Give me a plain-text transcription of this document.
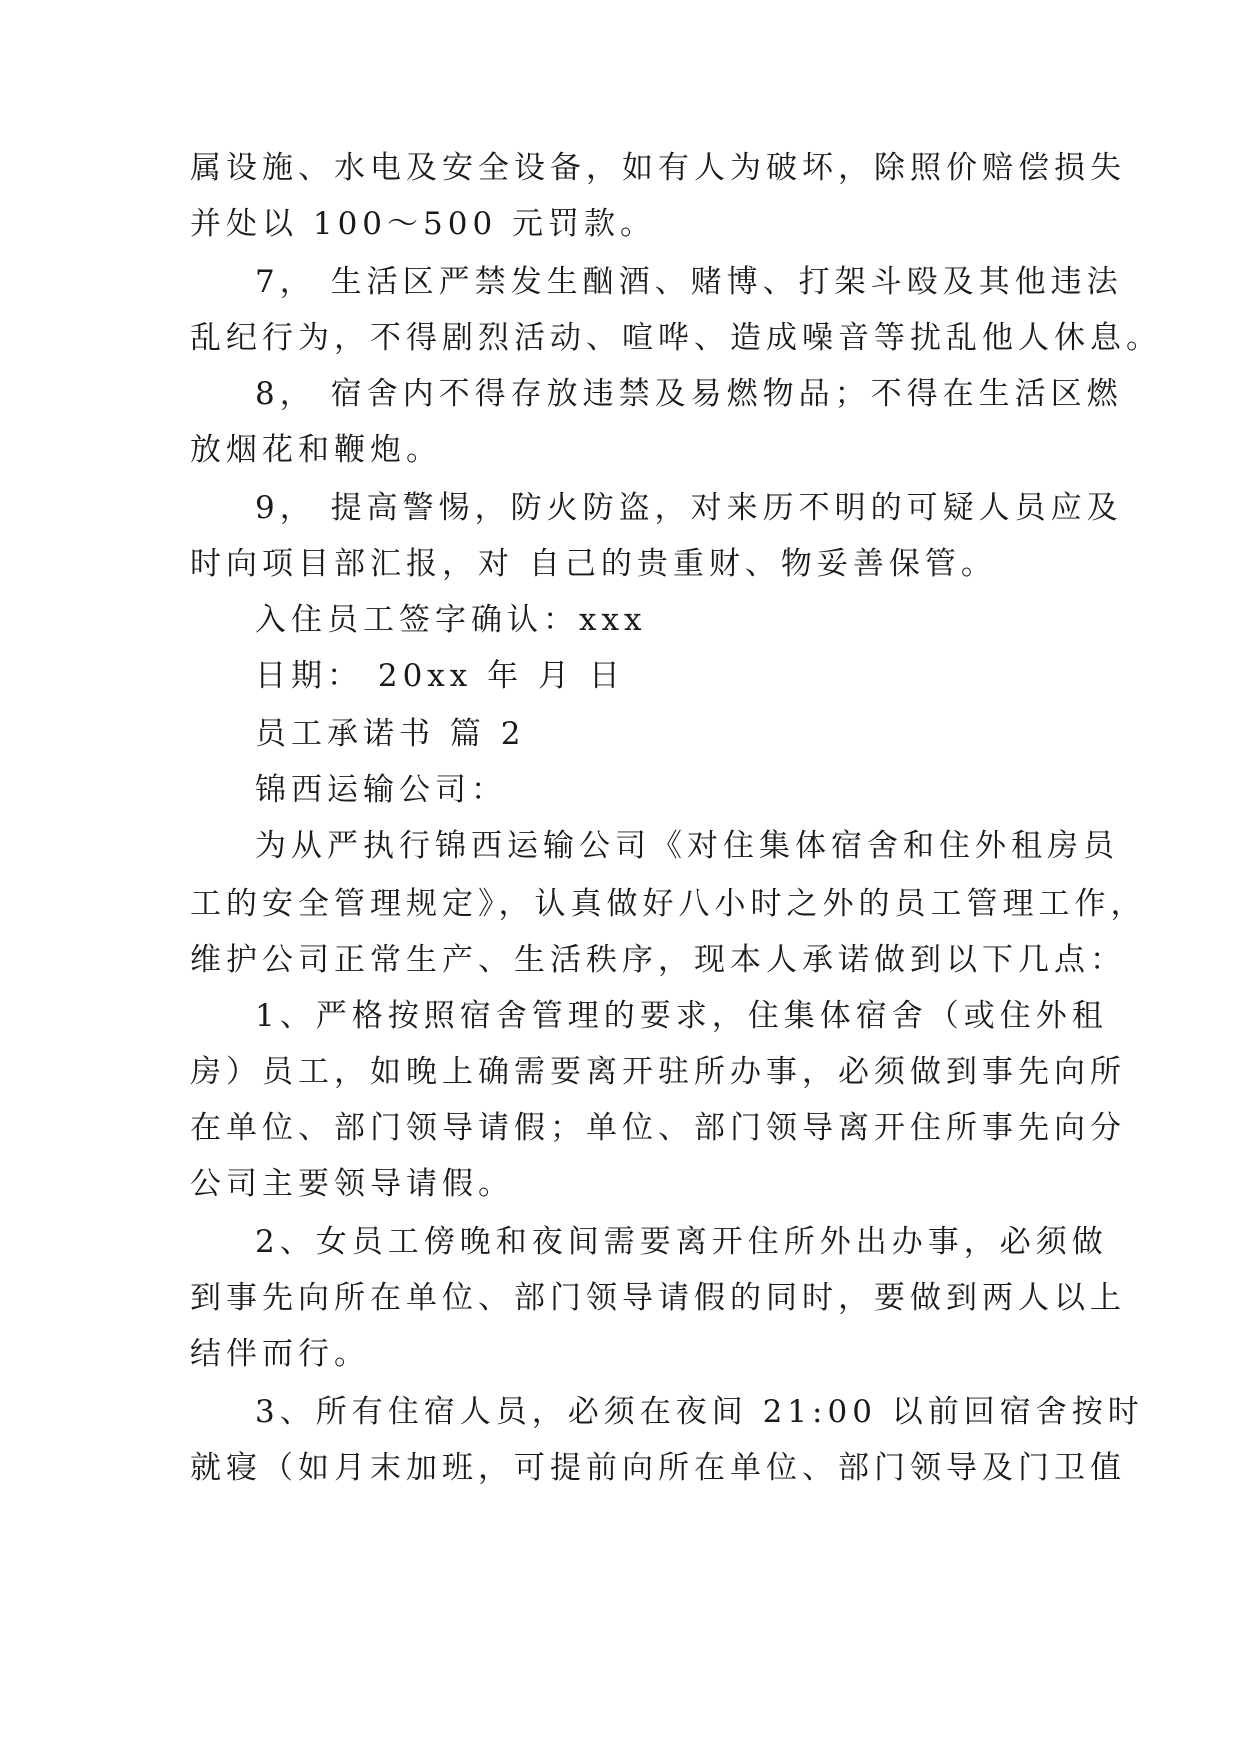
属设施、水电及安全设备，如有人为破坏，除照价赔偿损失
并处以 100～500 元罚款。
7， 生活区严禁发生酗酒、赌博、打架斗殴及其他违法
乱纪行为，不得剧烈活动、喧哗、造成噪音等扰乱他人休息。
8， 宿舍内不得存放违禁及易燃物品；不得在生活区燃
放烟花和鞭炮。
9， 提高警惕，防火防盗，对来历不明的可疑人员应及
时向项目部汇报，对 自己的贵重财、物妥善保管。
入住员工签字确认：xxx
日期： 20xx 年 月 日
员工承诺书 篇 2
锦西运输公司：
为从严执行锦西运输公司《对住集体宿舍和住外租房员
工的安全管理规定》，认真做好八小时之外的员工管理工作，
维护公司正常生产、生活秩序，现本人承诺做到以下几点：
1、严格按照宿舍管理的要求，住集体宿舍（或住外租
房）员工，如晚上确需要离开驻所办事，必须做到事先向所
在单位、部门领导请假；单位、部门领导离开住所事先向分
公司主要领导请假。
2、女员工傍晚和夜间需要离开住所外出办事，必须做
到事先向所在单位、部门领导请假的同时，要做到两人以上
结伴而行。
3、所有住宿人员，必须在夜间 21:00 以前回宿舍按时
就寝（如月末加班，可提前向所在单位、部门领导及门卫值
